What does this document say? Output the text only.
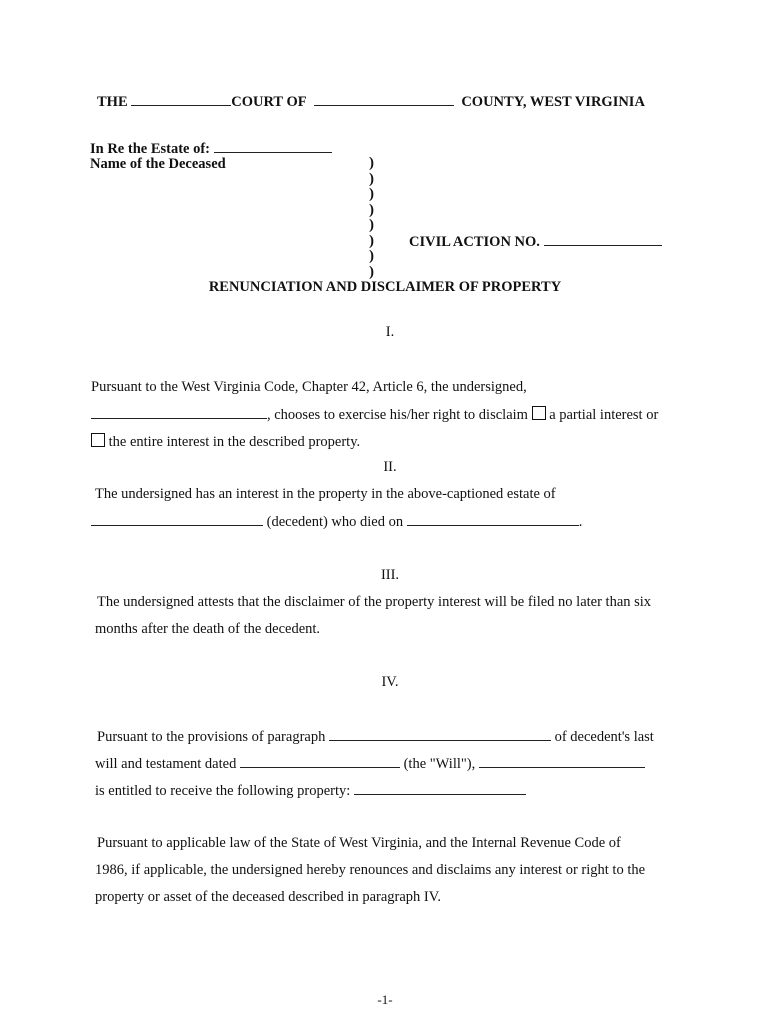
THE	COURT OF	COUNTY, WEST VIRGINIA
In Re the Estate of:
Name of the Deceased	)
)
)
)
)
)
)
)
CIVIL ACTION NO.
RENUNCIATION AND DISCLAIMER OF PROPERTY
I.
Pursuant to the West Virginia Code, Chapter 42, Article 6, the undersigned,
, chooses to exercise his/her right to disclaim a partial interest or
the entire interest in the described property.
II.
The undersigned has an interest in the property in the above-captioned estate of
(decedent) who died on	.
III.
The undersigned attests that the disclaimer of the property interest will be filed no later than six
months after the death of the decedent.
IV.
Pursuant to the provisions of paragraph	of decedent's last
will and testament dated	(the "Will"),
is entitled to receive the following property:
Pursuant to applicable law of the State of West Virginia, and the Internal Revenue Code of
1986, if applicable, the undersigned hereby renounces and disclaims any interest or right to the
property or asset of the deceased described in paragraph IV.
-1-
